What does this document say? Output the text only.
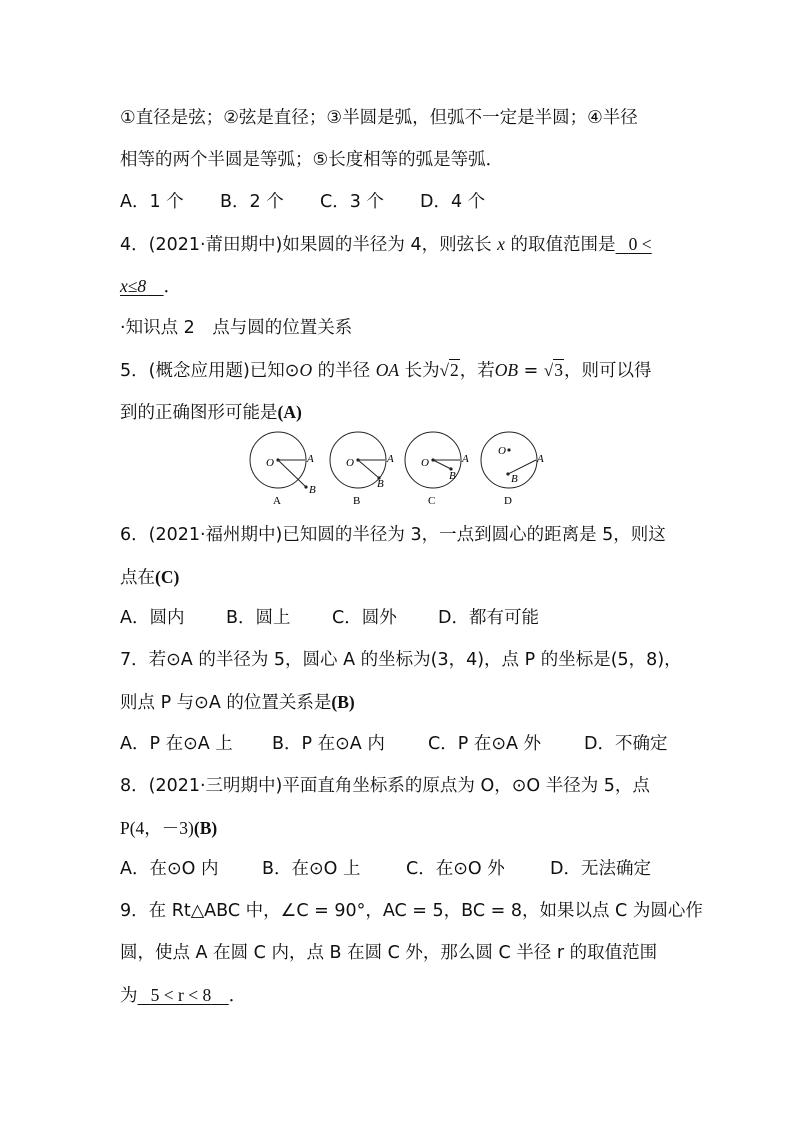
①直径是弦；②弦是直径；③半圆是弧，但弧不一定是半圆；④半径
相等的两个半圆是等弧；⑤长度相等的弧是等弧．
A．1 个 B．2 个 C．3 个 D．4 个
4．(2021·莆田期中)如果圆的半径为 4，则弦长 x 的取值范围是 0 <
x≤8 ．
·知识点 2　点与圆的位置关系
5．(概念应用题)已知⊙O 的半径 OA 长为√2，若OB = √3，则可以得
到的正确图形可能是(A)
O	A
B
A
O	A
B
B
O	A
B
C
O
A
B
D
6．(2021·福州期中)已知圆的半径为 3，一点到圆心的距离是 5，则这
点在(C)
A．圆内 B．圆上 C．圆外 D．都有可能
7．若⊙A 的半径为 5，圆心 A 的坐标为(3，4)，点 P 的坐标是(5，8)，
则点 P 与⊙A 的位置关系是(B)
A．P 在⊙A 上 B．P 在⊙A 内 C．P 在⊙A 外 D．不确定
8．(2021·三明期中)平面直角坐标系的原点为 O，⊙O 半径为 5，点
P(4，－3)(B)
A．在⊙O 内 B．在⊙O 上	C．在⊙O 外	D．无法确定
9．在 Rt△ABC 中，∠C = 90°，AC = 5，BC = 8，如果以点 C 为圆心作
圆，使点 A 在圆 C 内，点 B 在圆 C 外，那么圆 C 半径 r 的取值范围
为 5 < r < 8 ．
